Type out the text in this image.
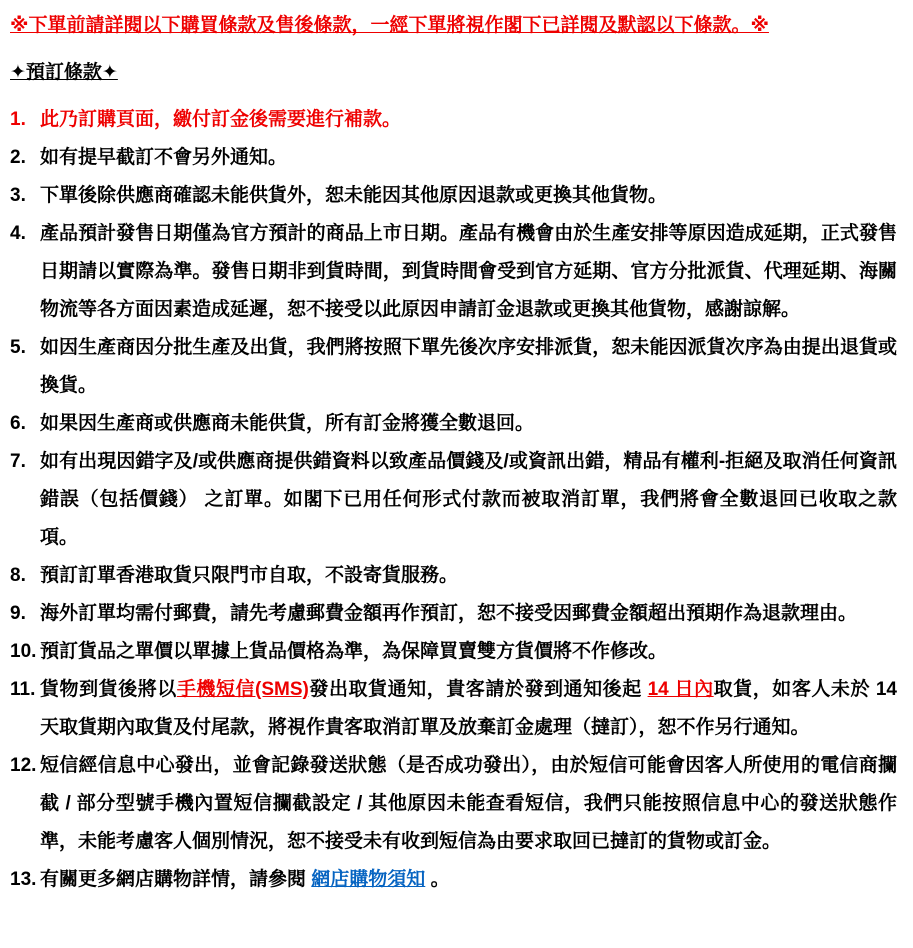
※下單前請詳閱以下購買條款及售後條款，一經下單將視作閣下已詳閱及默認以下條款。※
✦預訂條款✦
1. 此乃訂購頁面，繳付訂金後需要進行補款。
2. 如有提早截訂不會另外通知。
3. 下單後除供應商確認未能供貨外，恕未能因其他原因退款或更換其他貨物。
4. 產品預計發售日期僅為官方預計的商品上市日期。產品有機會由於生產安排等原因造成延期，正式發售日期請以實際為準。發售日期非到貨時間，到貨時間會受到官方延期、官方分批派貨、代理延期、海關物流等各方面因素造成延遲，恕不接受以此原因申請訂金退款或更換其他貨物，感謝諒解。
5. 如因生產商因分批生產及出貨，我們將按照下單先後次序安排派貨，恕未能因派貨次序為由提出退貨或換貨。
6. 如果因生產商或供應商未能供貨，所有訂金將獲全數退回。
7. 如有出現因錯字及/或供應商提供錯資料以致產品價錢及/或資訊出錯，精品有權利-拒絕及取消任何資訊錯誤（包括價錢） 之訂單。如閣下已用任何形式付款而被取消訂單，我們將會全數退回已收取之款項。
8. 預訂訂單香港取貨只限門市自取，不設寄貨服務。
9. 海外訂單均需付郵費，請先考慮郵費金額再作預訂，恕不接受因郵費金額超出預期作為退款理由。
10. 預訂貨品之單價以單據上貨品價格為準，為保障買賣雙方貨價將不作修改。
11. 貨物到貨後將以手機短信(SMS)發出取貨通知，貴客請於發到通知後起 14 日內取貨，如客人未於 14 天取貨期內取貨及付尾款，將視作貴客取消訂單及放棄訂金處理（撻訂），恕不作另行通知。
12. 短信經信息中心發出，並會記錄發送狀態（是否成功發出），由於短信可能會因客人所使用的電信商攔截 / 部分型號手機內置短信攔截設定 / 其他原因未能查看短信，我們只能按照信息中心的發送狀態作準，未能考慮客人個別情況，恕不接受未有收到短信為由要求取回已撻訂的貨物或訂金。
13. 有關更多網店購物詳情，請參閱 網店購物須知 。
